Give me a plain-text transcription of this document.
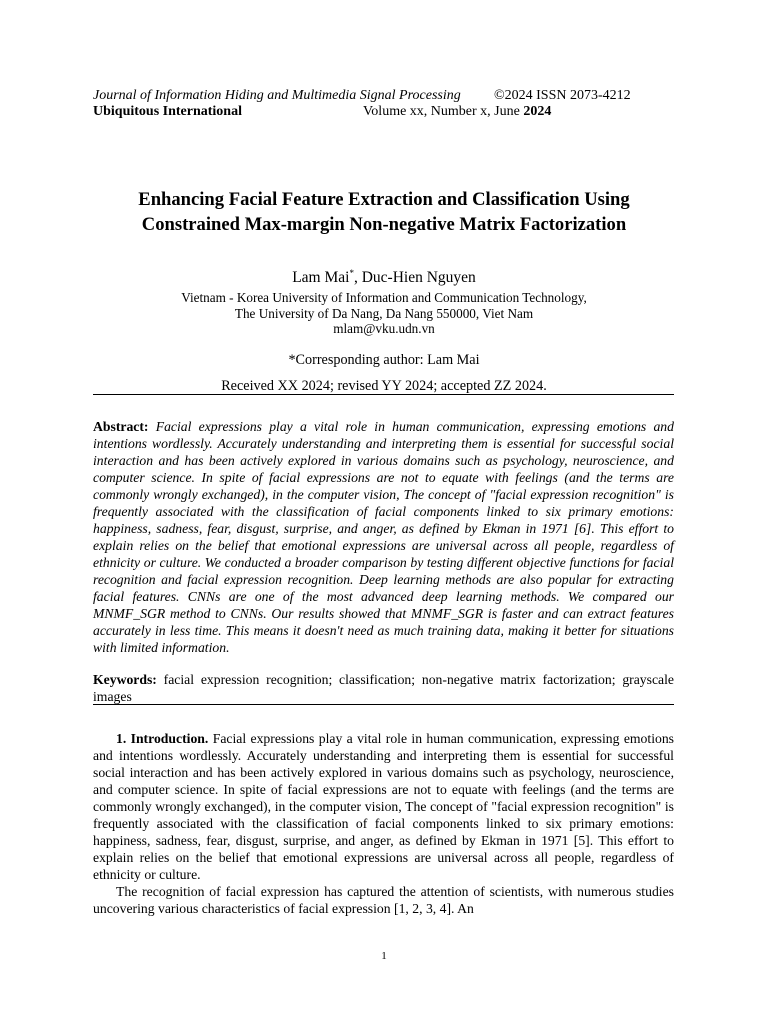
Journal of Information Hiding and Multimedia Signal Processing ©2024 ISSN 2073-4212
Ubiquitous International	Volume xx, Number x, June 2024
Enhancing Facial Feature Extraction and Classification Using
Constrained Max-margin Non-negative Matrix Factorization
Lam Mai*, Duc-Hien Nguyen
Vietnam - Korea University of Information and Communication Technology,
The University of Da Nang, Da Nang 550000, Viet Nam
mlam@vku.udn.vn
*Corresponding author: Lam Mai
Received XX 2024; revised YY 2024; accepted ZZ 2024.
Abstract: Facial expressions play a vital role in human communication, expressing emotions and intentions wordlessly. Accurately understanding and interpreting them is essential for successful social interaction and has been actively explored in various domains such as psychology, neuroscience, and computer science. In spite of facial expressions are not to equate with feelings (and the terms are commonly wrongly exchanged), in the computer vision, The concept of "facial expression recognition" is frequently associated with the classification of facial components linked to six primary emotions: happiness, sadness, fear, disgust, surprise, and anger, as defined by Ekman in 1971 [6]. This effort to explain relies on the belief that emotional expressions are universal across all people, regardless of ethnicity or culture. We conducted a broader comparison by testing different objective functions for facial recognition and facial expression recognition. Deep learning methods are also popular for extracting facial features. CNNs are one of the most advanced deep learning methods. We compared our MNMF_SGR method to CNNs. Our results showed that MNMF_SGR is faster and can extract features accurately in less time. This means it doesn't need as much training data, making it better for situations with limited information.
Keywords: facial expression recognition; classification; non-negative matrix factorization; grayscale images

1. Introduction. Facial expressions play a vital role in human communication, expressing emotions and intentions wordlessly. Accurately understanding and interpreting them is essential for successful social interaction and has been actively explored in various domains such as psychology, neuroscience, and computer science. In spite of facial expressions are not to equate with feelings (and the terms are commonly wrongly exchanged), in the computer vision, The concept of "facial expression recognition" is frequently associated with the classification of facial components linked to six primary emotions: happiness, sadness, fear, disgust, surprise, and anger, as defined by Ekman in 1971 [5]. This effort to explain relies on the belief that emotional expressions are universal across all people, regardless of ethnicity or culture.

The recognition of facial expression has captured the attention of scientists, with numerous studies uncovering various characteristics of facial expression [1, 2, 3, 4]. An

1
